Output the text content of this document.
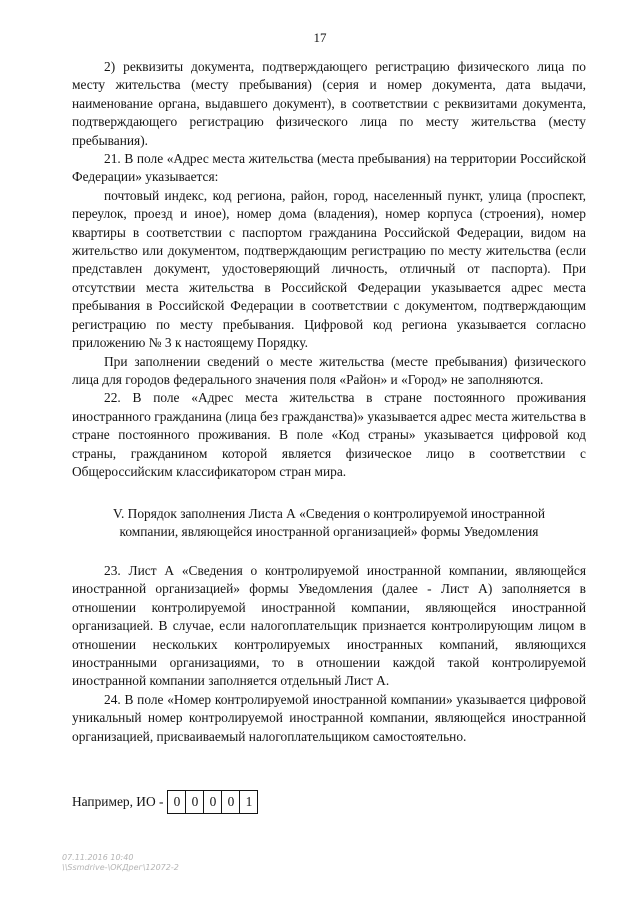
17

2) реквизиты документа, подтверждающего регистрацию физического лица по месту жительства (месту пребывания) (серия и номер документа, дата выдачи, наименование органа, выдавшего документ), в соответствии с реквизитами документа, подтверждающего регистрацию физического лица по месту жительства (месту пребывания).

21. В поле «Адрес места жительства (места пребывания) на территории Российской Федерации» указывается:

почтовый индекс, код региона, район, город, населенный пункт, улица (проспект, переулок, проезд и иное), номер дома (владения), номер корпуса (строения), номер квартиры в соответствии с паспортом гражданина Российской Федерации, видом на жительство или документом, подтверждающим регистрацию по месту жительства (если представлен документ, удостоверяющий личность, отличный от паспорта). При отсутствии места жительства в Российской Федерации указывается адрес места пребывания в Российской Федерации в соответствии с документом, подтверждающим регистрацию по месту пребывания. Цифровой код региона указывается согласно приложению № 3 к настоящему Порядку.

При заполнении сведений о месте жительства (месте пребывания) физического лица для городов федерального значения поля «Район» и «Город» не заполняются.

22. В поле «Адрес места жительства в стране постоянного проживания иностранного гражданина (лица без гражданства)» указывается адрес места жительства в стране постоянного проживания. В поле «Код страны» указывается цифровой код страны, гражданином которой является физическое лицо в соответствии с Общероссийским классификатором стран мира.

V. Порядок заполнения Листа А «Сведения о контролируемой иностранной
компании, являющейся иностранной организацией» формы Уведомления

23. Лист А «Сведения о контролируемой иностранной компании, являющейся иностранной организацией» формы Уведомления (далее - Лист А) заполняется в отношении контролируемой иностранной компании, являющейся иностранной организацией. В случае, если налогоплательщик признается контролирующим лицом в отношении нескольких контролируемых иностранных компаний, являющихся иностранными организациями, то в отношении каждой такой контролируемой иностранной компании заполняется отдельный Лист А.

24. В поле «Номер контролируемой иностранной компании» указывается цифровой уникальный номер контролируемой иностранной компании, являющейся иностранной организацией, присваиваемый налогоплательщиком самостоятельно.

Например, ИО - 0 0 0 0 1
07.11.2016 10:40
\\Ssmdrive-\ОКДрег\12072-2
